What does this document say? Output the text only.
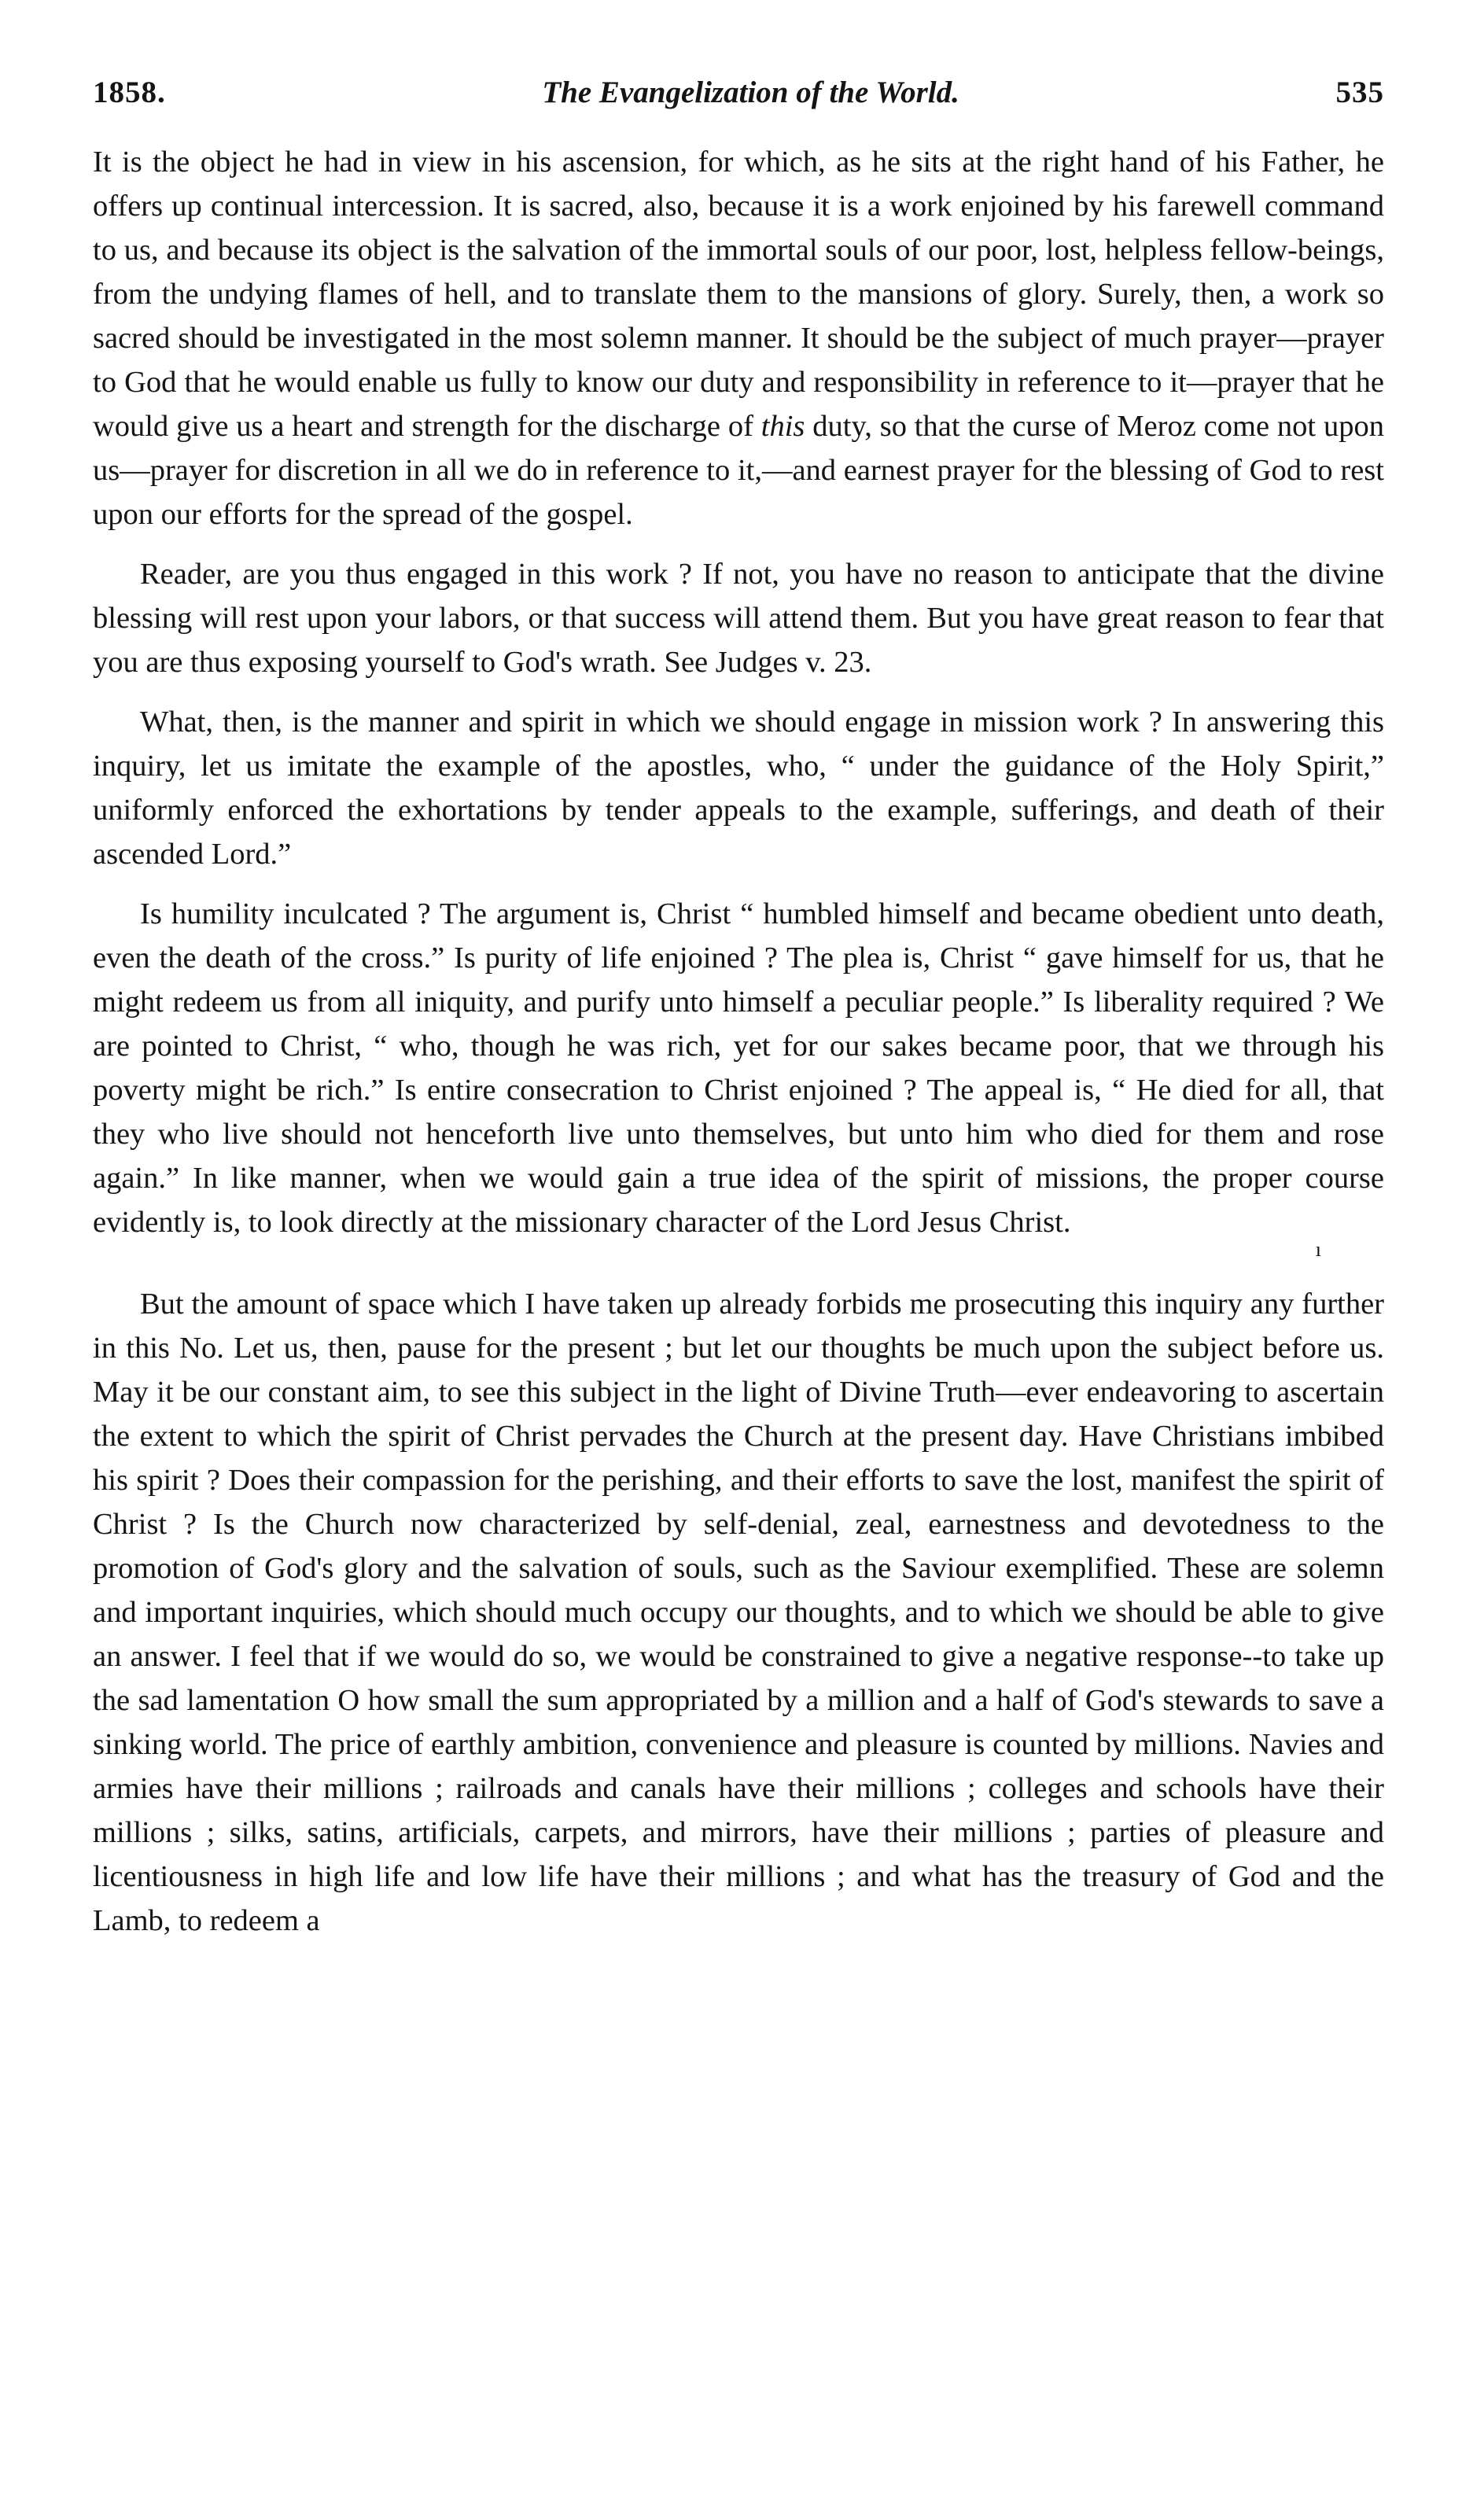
1858.	The Evangelization of the World.	535

It is the object he had in view in his ascension, for which, as he sits at the right hand of his Father, he offers up continual intercession. It is sacred, also, because it is a work enjoined by his farewell command to us, and because its object is the salvation of the immortal souls of our poor, lost, helpless fellow-beings, from the undying flames of hell, and to translate them to the mansions of glory. Surely, then, a work so sacred should be investigated in the most solemn manner. It should be the subject of much prayer—prayer to God that he would enable us fully to know our duty and responsibility in reference to it—prayer that he would give us a heart and strength for the discharge of this duty, so that the curse of Meroz come not upon us—prayer for discretion in all we do in reference to it,—and earnest prayer for the blessing of God to rest upon our efforts for the spread of the gospel.

Reader, are you thus engaged in this work ? If not, you have no reason to anticipate that the divine blessing will rest upon your labors, or that success will attend them. But you have great reason to fear that you are thus exposing yourself to God's wrath. See Judges v. 23.

What, then, is the manner and spirit in which we should engage in mission work ? In answering this inquiry, let us imitate the example of the apostles, who, “ under the guidance of the Holy Spirit,” uniformly enforced the exhortations by tender appeals to the example, sufferings, and death of their ascended Lord.”

Is humility inculcated ? The argument is, Christ “ humbled himself and became obedient unto death, even the death of the cross.” Is purity of life enjoined ? The plea is, Christ “ gave himself for us, that he might redeem us from all iniquity, and purify unto himself a peculiar people.” Is liberality required ? We are pointed to Christ, “ who, though he was rich, yet for our sakes became poor, that we through his poverty might be rich.” Is entire consecration to Christ enjoined ? The appeal is, “ He died for all, that they who live should not henceforth live unto themselves, but unto him who died for them and rose again.” In like manner, when we would gain a true idea of the spirit of missions, the proper course evidently is, to look directly at the missionary character of the Lord Jesus Christ.

ı

But the amount of space which I have taken up already forbids me prosecuting this inquiry any further in this No. Let us, then, pause for the present ; but let our thoughts be much upon the subject before us. May it be our constant aim, to see this subject in the light of Divine Truth—ever endeavoring to ascertain the extent to which the spirit of Christ pervades the Church at the present day. Have Christians imbibed his spirit ? Does their compassion for the perishing, and their efforts to save the lost, manifest the spirit of Christ ? Is the Church now characterized by self-denial, zeal, earnestness and devotedness to the promotion of God's glory and the salvation of souls, such as the Saviour exemplified. These are solemn and important inquiries, which should much occupy our thoughts, and to which we should be able to give an answer. I feel that if we would do so, we would be constrained to give a negative response--to take up the sad lamentation O how small the sum appropriated by a million and a half of God's stewards to save a sinking world. The price of earthly ambition, convenience and pleasure is counted by millions. Navies and armies have their millions ; railroads and canals have their millions ; colleges and schools have their millions ; silks, satins, artificials, carpets, and mirrors, have their millions ; parties of pleasure and licentiousness in high life and low life have their millions ; and what has the treasury of God and the Lamb, to redeem a
